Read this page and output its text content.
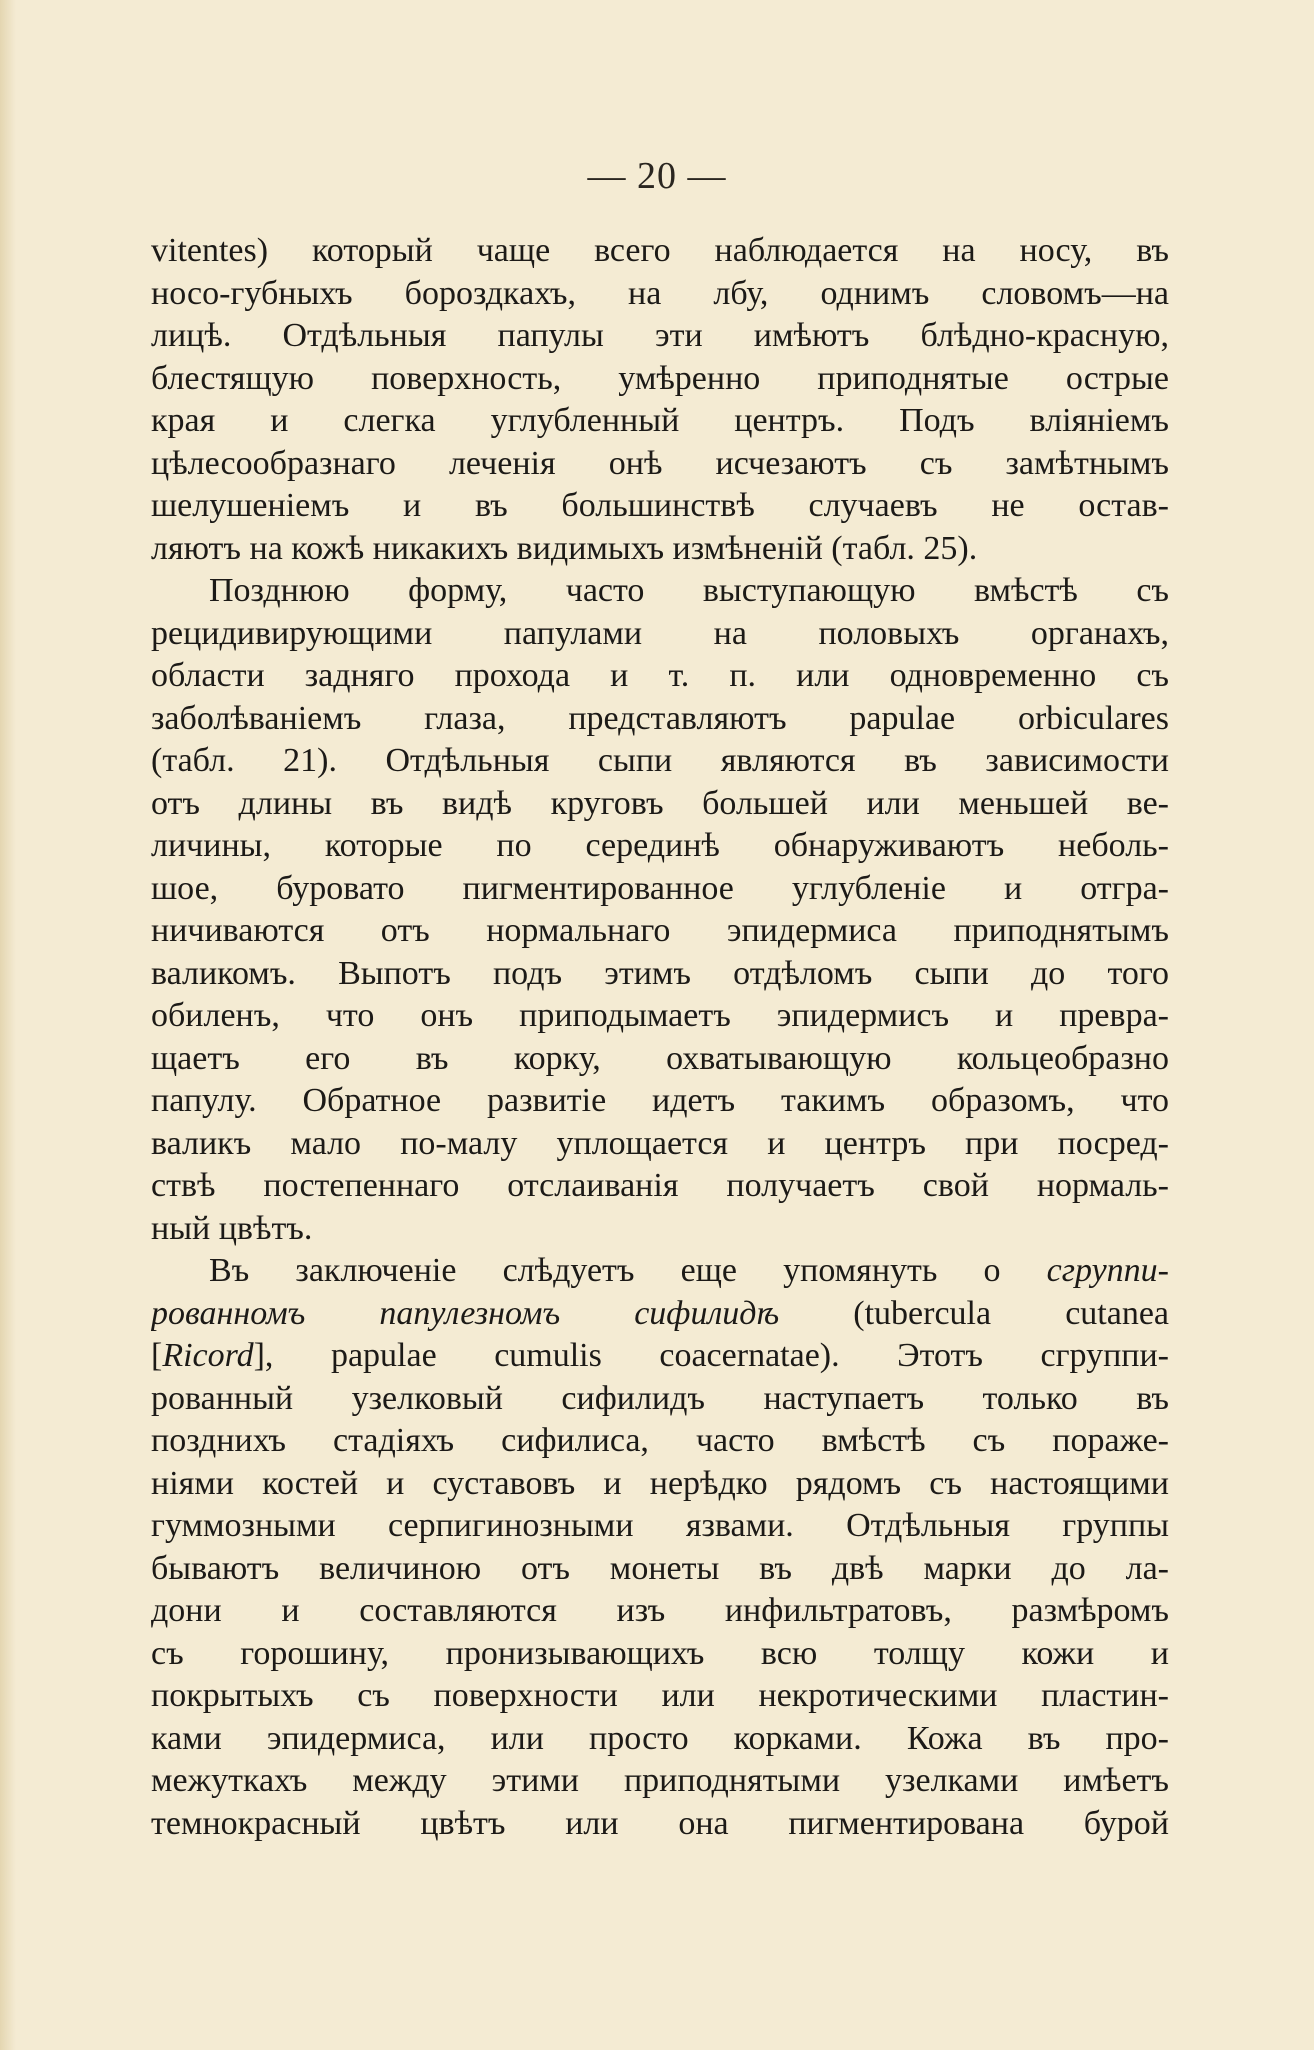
— 20 —
vitentes) который чаще всего наблюдается на носу, въ
носо-губныхъ бороздкахъ, на лбу, однимъ словомъ—на
лицѣ. Отдѣльныя папулы эти имѣютъ блѣдно-красную,
блестящую поверхность, умѣренно приподнятые острые
края и слегка углубленный центръ. Подъ вліяніемъ
цѣлесообразнаго леченія онѣ исчезаютъ съ замѣтнымъ
шелушеніемъ и въ большинствѣ случаевъ не остав-
ляютъ на кожѣ никакихъ видимыхъ измѣненій (табл. 25).
Позднюю форму, часто выступающую вмѣстѣ съ
рецидивирующими папулами на половыхъ органахъ,
области задняго прохода и т. п. или одновременно съ
заболѣваніемъ глаза, представляютъ papulae orbiculares
(табл. 21). Отдѣльныя сыпи являются въ зависимости
отъ длины въ видѣ круговъ большей или меньшей ве-
личины, которые по серединѣ обнаруживаютъ неболь-
шое, буровато пигментированное углубленіе и отгра-
ничиваются отъ нормальнаго эпидермиса приподнятымъ
валикомъ. Выпотъ подъ этимъ отдѣломъ сыпи до того
обиленъ, что онъ приподымаетъ эпидермисъ и превра-
щаетъ его въ корку, охватывающую кольцеобразно
папулу. Обратное развитіе идетъ такимъ образомъ, что
валикъ мало по-малу уплощается и центръ при посред-
ствѣ постепеннаго отслаиванія получаетъ свой нормаль-
ный цвѣтъ.
Въ заключеніе слѣдуетъ еще упомянуть о сгруппи-
рованномъ папулезномъ сифилидѣ (tubercula cutanea
[Ricord], papulae cumulis coacernatae). Этотъ сгруппи-
рованный узелковый сифилидъ наступаетъ только въ
позднихъ стадіяхъ сифилиса, часто вмѣстѣ съ пораже-
ніями костей и суставовъ и нерѣдко рядомъ съ настоящими
гуммозными серпигинозными язвами. Отдѣльныя группы
бываютъ величиною отъ монеты въ двѣ марки до ла-
дони и составляются изъ инфильтратовъ, размѣромъ
съ горошину, пронизывающихъ всю толщу кожи и
покрытыхъ съ поверхности или некротическими пластин-
ками эпидермиса, или просто корками. Кожа въ про-
межуткахъ между этими приподнятыми узелками имѣетъ
темнокрасный цвѣтъ или она пигментирована бурой
